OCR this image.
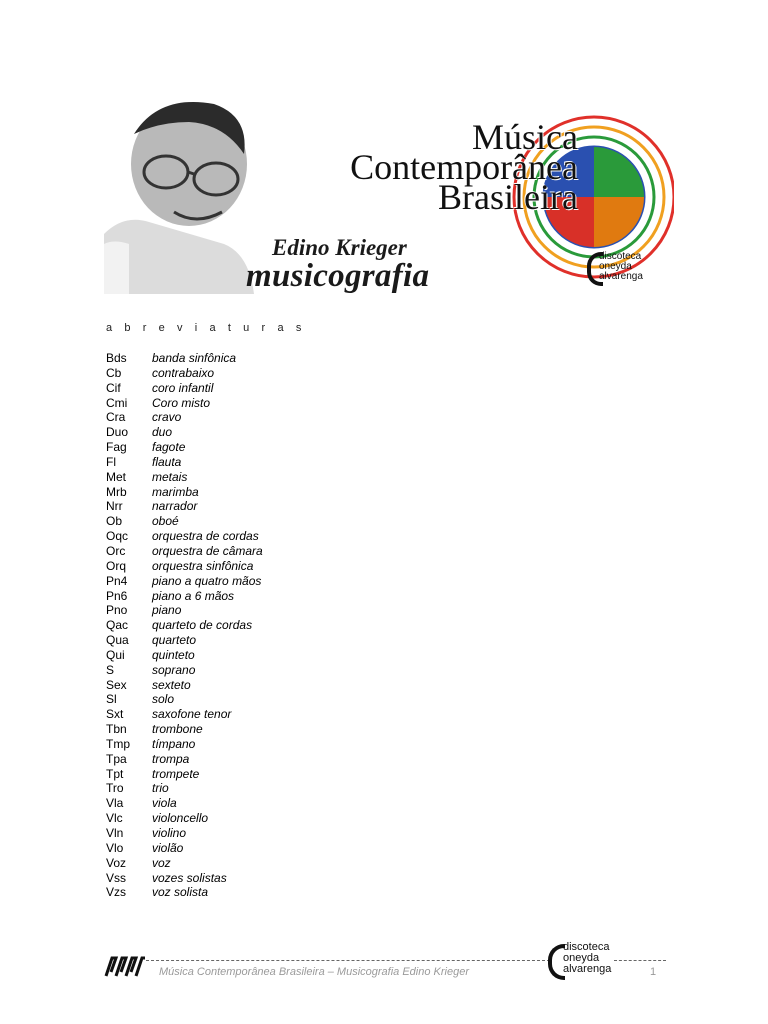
Música
Contemporânea
Brasileira
Edino Krieger
musicografia
discoteca
oneyda
alvarenga
a b r e v i a t u r a s
Bds banda sinfônica
Cb	contrabaixo
Cif	coro infantil
Cmi Coro misto
Cra cravo
Duo duo
Fag fagote
Fl	flauta
Met metais
Mrb marimba
Nrr narrador
Ob oboé
Oqc orquestra de cordas
Orc orquestra de câmara
Orq orquestra sinfônica
Pn4 piano a quatro mãos
Pn6 piano a 6 mãos
Pno piano
Qac quarteto de cordas
Qua quarteto
Qui quinteto
S	soprano
Sex sexteto
Sl	solo
Sxt saxofone tenor
Tbn trombone
Tmp tímpano
Tpa trompa
Tpt trompete
Tro trio
Vla viola
Vlc violoncello
Vln violino
Vlo violão
Voz voz
Vss vozes solistas
Vzs voz solista
Música Contemporânea Brasileira – Musicografia Edino Krieger	1
discoteca
oneyda
alvarenga
